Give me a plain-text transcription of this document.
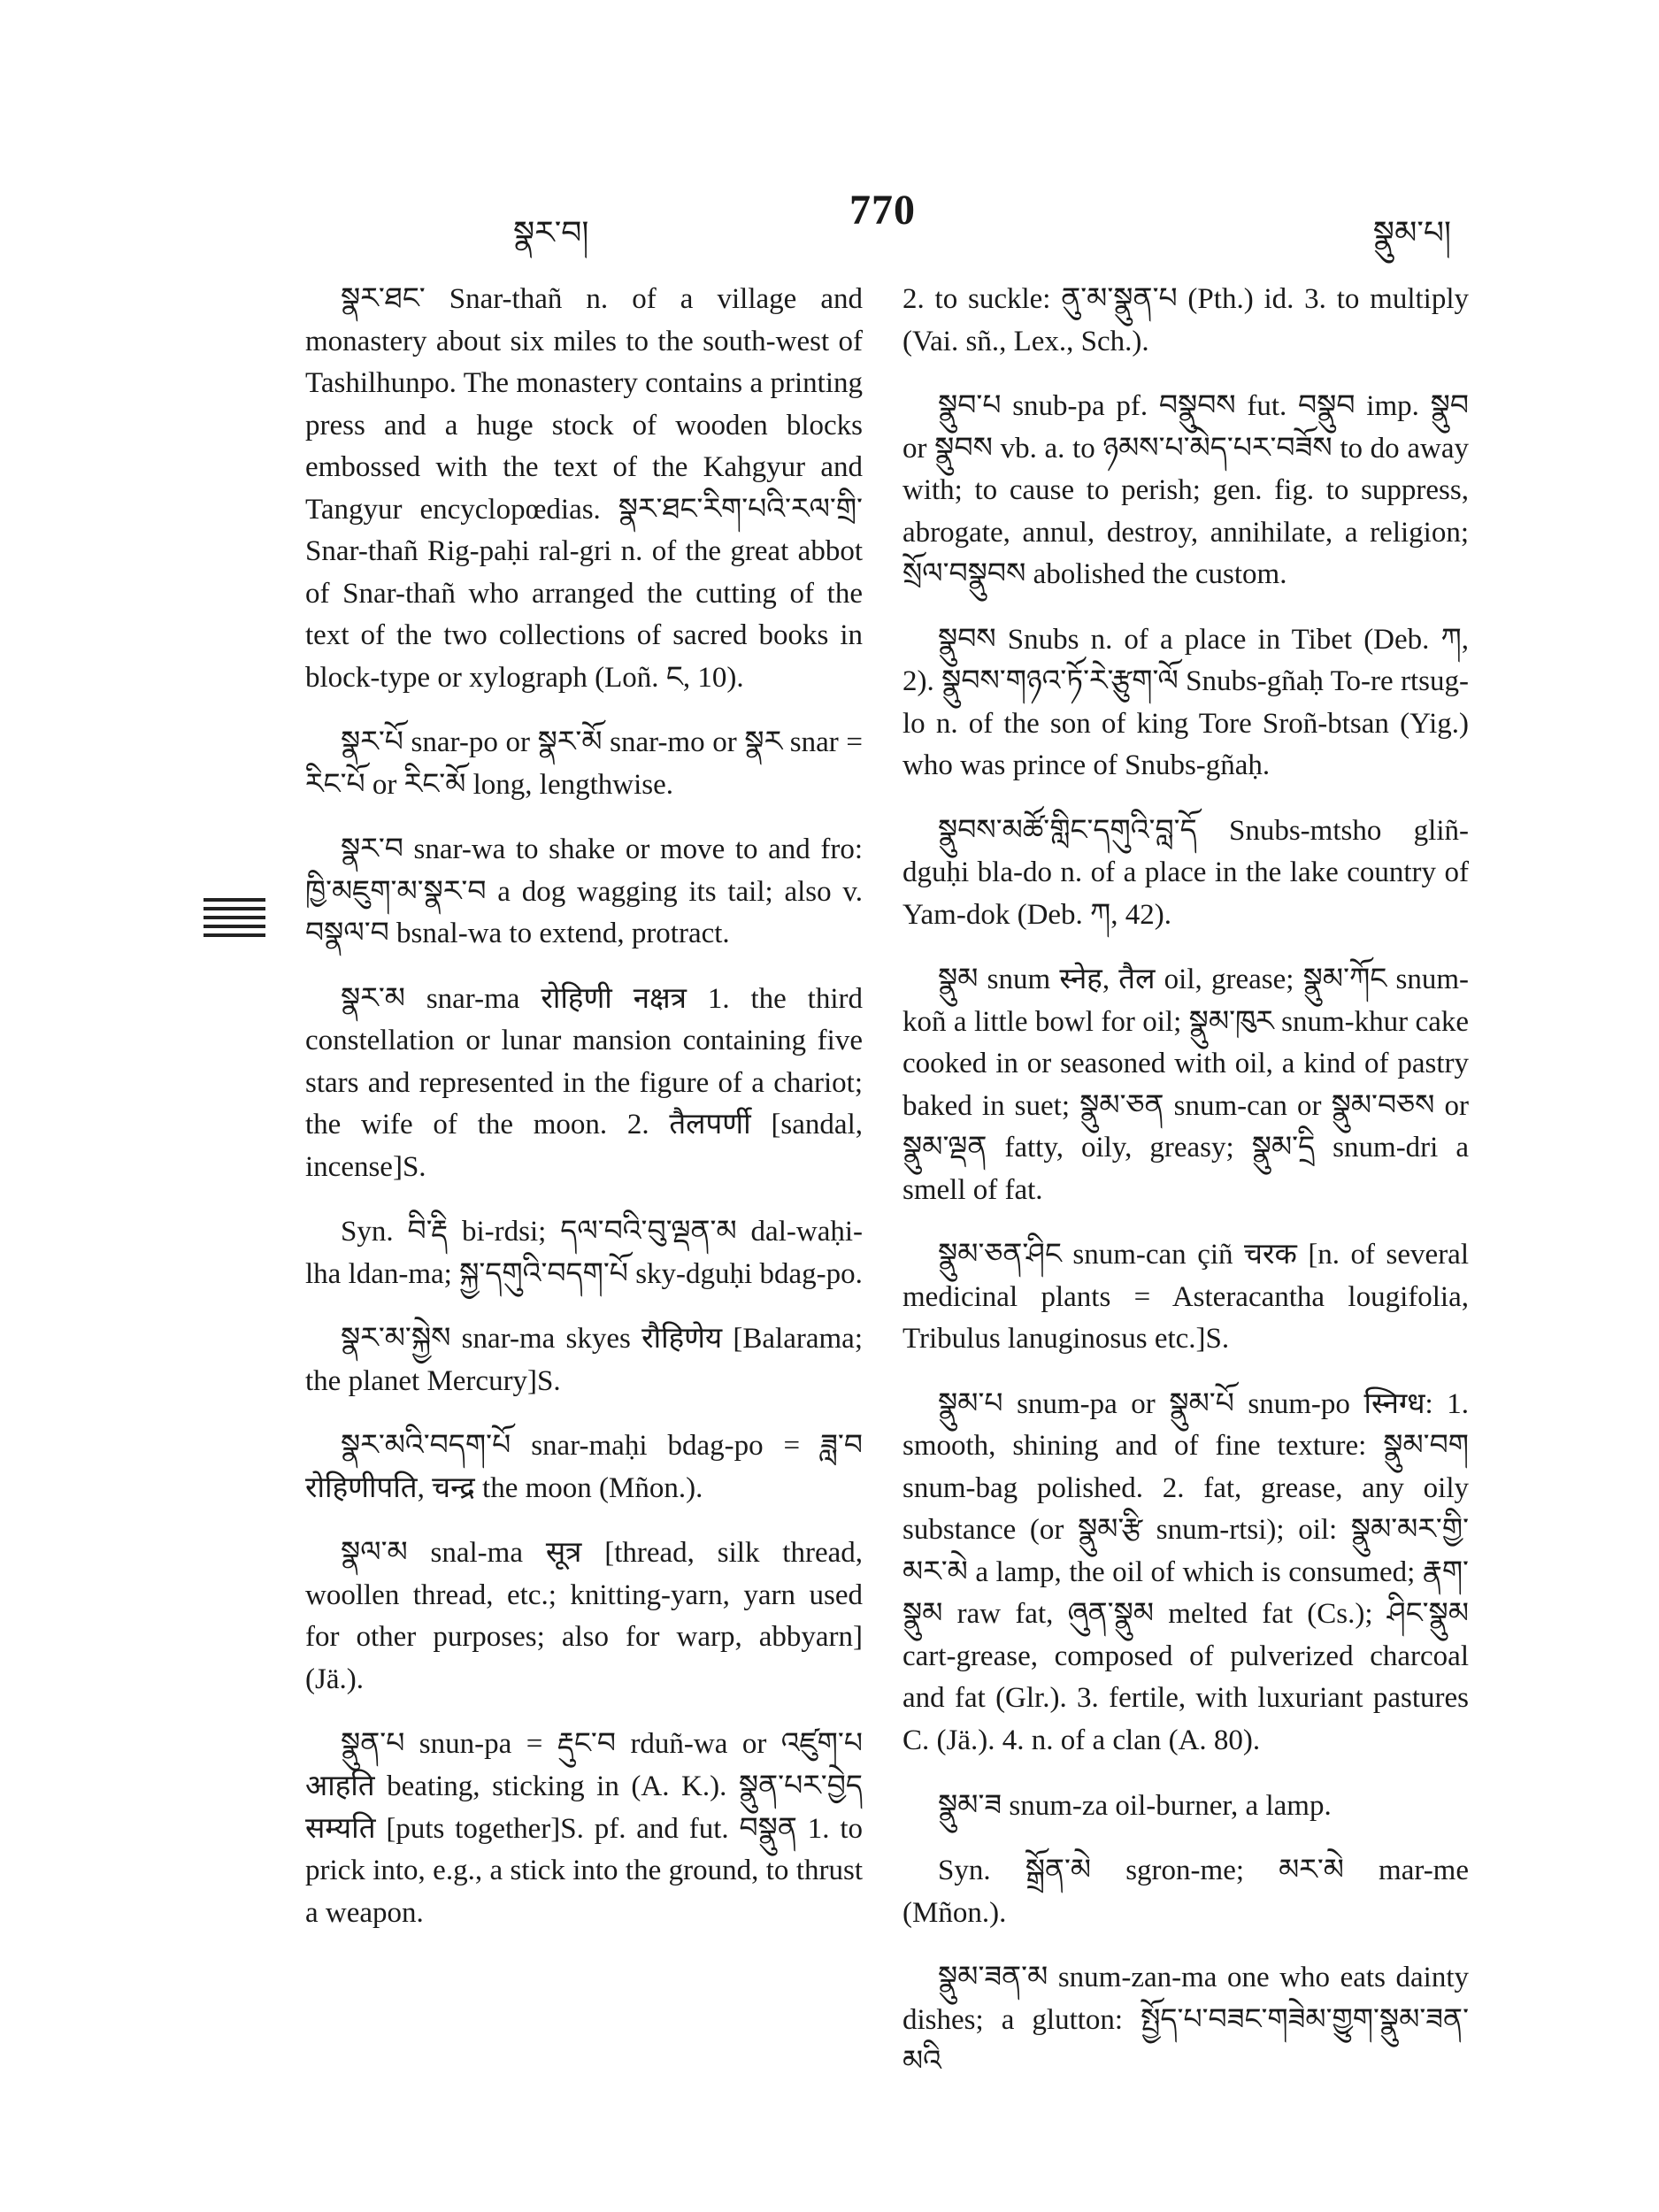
སྣར་བ།	770	སྣུམ་པ།

སྣར་ཐང་ Snar-thañ n. of a village and monastery about six miles to the south-west of Tashilhunpo. The monastery contains a printing press and a huge stock of wooden blocks embossed with the text of the Kahgyur and Tangyur encyclopœdias. སྣར་ཐང་རིག་པའི་རལ་གྲི་ Snar-thañ Rig-paḥi ral-gri n. of the great abbot of Snar-thañ who arranged the cutting of the text of the two collections of sacred books in block-type or xylograph (Loñ. ང, 10).

སྣར་པོ snar-po or སྣར་མོ snar-mo or སྣར snar = རིང་པོ or རིང་མོ long, lengthwise.

སྣར་བ snar-wa to shake or move to and fro: ཁྱི་མཇུག་མ་སྣར་བ a dog wagging its tail; also v. བསྣལ་བ bsnal-wa to extend, protract.

སྣར་མ snar-ma रोहिणी नक्षत्र 1. the third constellation or lunar mansion containing five stars and represented in the figure of a chariot; the wife of the moon. 2. तैलपर्णी [sandal, incense]S.

Syn. བི་རྡི bi-rdsi; དལ་བའི་བུ་ལྡན་མ dal-waḥi-lha ldan-ma; སྐྱ་དགུའི་བདག་པོ sky-dguḥi bdag-po.

སྣར་མ་སྐྱེས snar-ma skyes रौहिणेय [Balarama; the planet Mercury]S.

སྣར་མའི་བདག་པོ snar-maḥi bdag-po = ཟླ་བ रोहिणीपति, चन्द्र the moon (Mñon.).

སྣལ་མ snal-ma सूत्र [thread, silk thread, woollen thread, etc.; knitting-yarn, yarn used for other purposes; also for warp, abbyarn] (Jä.).

སྣུན་པ snun-pa = རྡུང་བ rduñ-wa or འཛུག་པ आहति beating, sticking in (A. K.). སྣུན་པར་བྱེད सम्यति [puts together]S. pf. and fut. བསྣུན 1. to prick into, e.g., a stick into the ground, to thrust a weapon.

2. to suckle: ནུ་མ་སྣུན་པ (Pth.) id. 3. to multiply (Vai. sñ., Lex., Sch.).

སྣུབ་པ snub-pa pf. བསྣུབས fut. བསྣུབ imp. སྣུབ or སྣུབས vb. a. to ཉམས་པ་མེད་པར་བཟོས to do away with; to cause to perish; gen. fig. to suppress, abrogate, annul, destroy, annihilate, a religion; སྲོལ་བསྣུབས abolished the custom.

སྣུབས Snubs n. of a place in Tibet (Deb. ཀ, 2). སྣུབས་གཉའ་ཏོ་རེ་རྩུག་ལོ Snubs-gñaḥ To-re rtsug-lo n. of the son of king Tore Sroñ-btsan (Yig.) who was prince of Snubs-gñaḥ.

སྣུབས་མཚོ་གླིང་དགུའི་བླ་དོ Snubs-mtsho gliñ-dguḥi bla-do n. of a place in the lake country of Yam-dok (Deb. ཀ, 42).

སྣུམ snum स्नेह, तैल oil, grease; སྣུམ་ཀོང snum-koñ a little bowl for oil; སྣུམ་ཁུར snum-khur cake cooked in or seasoned with oil, a kind of pastry baked in suet; སྣུམ་ཅན snum-can or སྣུམ་བཅས or སྣུམ་ལྡན fatty, oily, greasy; སྣུམ་དྲི snum-dri a smell of fat.

སྣུམ་ཅན་ཤིང snum-can çiñ चरक [n. of several medicinal plants = Asteracantha lougifolia, Tribulus lanuginosus etc.]S.

སྣུམ་པ snum-pa or སྣུམ་པོ snum-po स्निग्ध: 1. smooth, shining and of fine texture: སྣུམ་བག snum-bag polished. 2. fat, grease, any oily substance (or སྣུམ་རྩི snum-rtsi); oil: སྣུམ་མར་གྱི་མར་མེ a lamp, the oil of which is consumed; རྣག་སྣུམ raw fat, ཞུན་སྣུམ melted fat (Cs.); ཤིང་སྣུམ cart-grease, composed of pulverized charcoal and fat (Glr.). 3. fertile, with luxuriant pastures C. (Jä.). 4. n. of a clan (A. 80).

སྣུམ་ཟ snum-za oil-burner, a lamp.

Syn. སྒྲོན་མེ sgron-me; མར་མེ mar-me (Mñon.).

སྣུམ་ཟན་མ snum-zan-ma one who eats dainty dishes; a glutton: སྤྱོད་པ་བཟང་གཟེམ་གྱུག་སྣུམ་ཟན་མའི
